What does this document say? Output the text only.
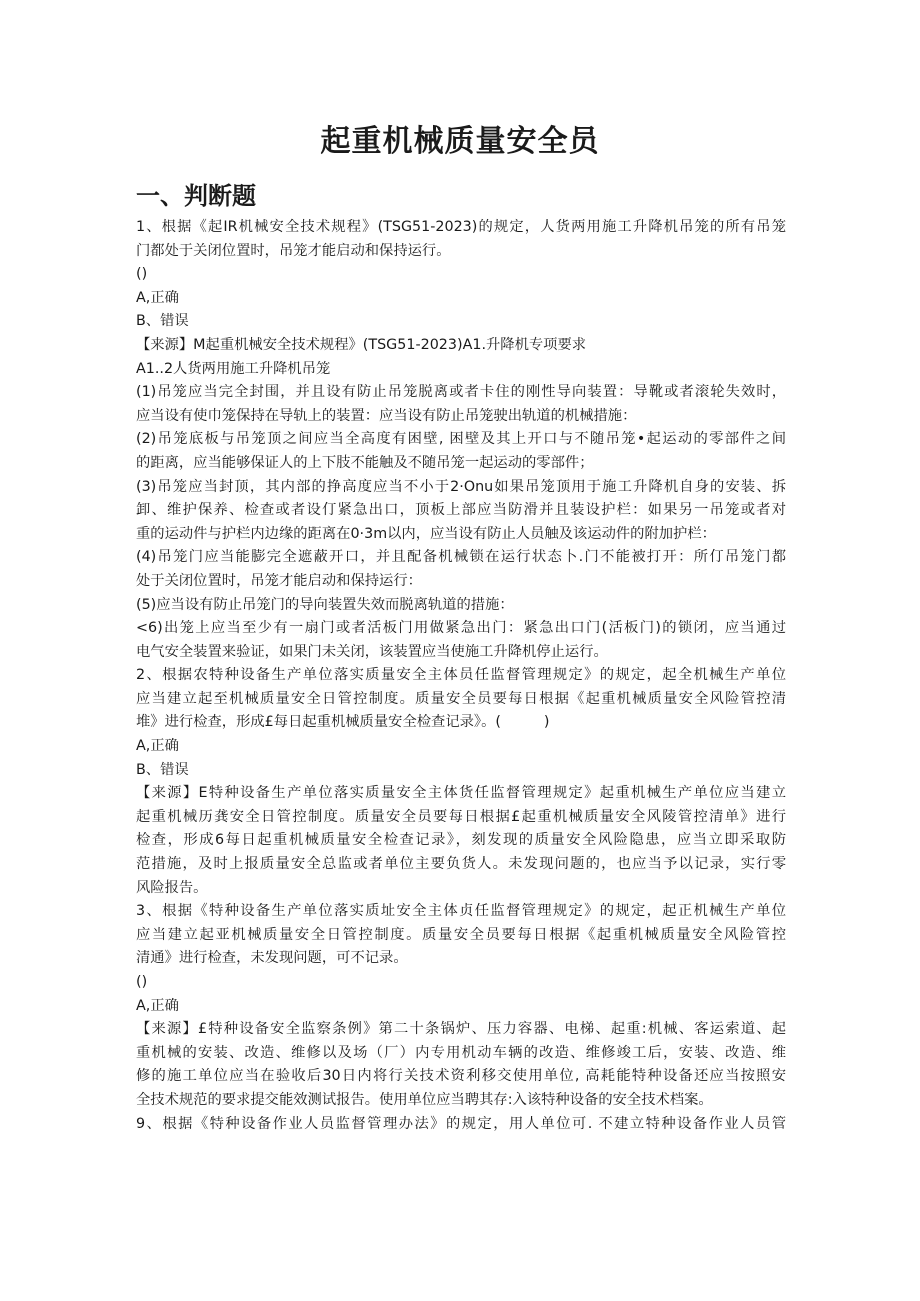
起重机械质量安全员
一、判断题
1、根据《起IR机械安全技术规程》(TSG51-2023)的规定，人货两用施工升降机吊笼的所有吊笼
门都处于关闭位置时，吊笼才能启动和保持运行。
()
A,正确
B、错误
【来源】M起重机械安全技术规程》(TSG51-2023)A1.升降机专项要求
A1..2人货两用施工升降机吊笼
(1)吊笼应当完全封围，并且设有防止吊笼脱离或者卡住的刚性导向装置：导靴或者滚轮失效时，
应当设有使巾笼保持在导轨上的装置：应当设有防止吊笼驶出轨道的机械措施：
(2)吊笼底板与吊笼顶之间应当全高度有困壁, 困壁及其上开口与不随吊笼•起运动的零部件之间
的距离，应当能够保证人的上下肢不能触及不随吊笼一起运动的零部件；
(3)吊笼应当封顶，其内部的挣高度应当不小于2·Onu如果吊笼顶用于施工升降机自身的安装、拆
卸、维护保养、检查或者设仃紧急出口，顶板上部应当防滑并且装设护栏：如果另一吊笼或者对
重的运动件与护栏内边缘的距离在0·3m以内，应当设有防止人员触及该运动件的附加护栏：
(4)吊笼门应当能膨完全遮蔽开口，并且配备机械锁在运行状态卜.门不能被打开：所仃吊笼门都
处于关闭位置时，吊笼才能启动和保持运行：
(5)应当设有防止吊笼门的导向装置失效而脱离轨道的措施：
<6)出笼上应当至少有一扇门或者活板门用做紧急出门：紧急出口门(活板门)的锁闭，应当通过
电气安全装置来验证，如果门未关闭，该装置应当使施工升降机停止运行。
2、根据农特种设备生产单位落实质量安全主体员任监督管理规定》的规定，起全机械生产单位
应当建立起至机械质量安全日管控制度。质量安全员要每日根据《起重机械质量安全风险管控清
堆》进行检查，形成£每日起重机械质量安全检查记录》。(　　　)
A,正确
B、错误
【来源】E特种设备生产单位落实质量安全主体货任监督管理规定》起重机械生产单位应当建立
起重机械历龚安全日管控制度。质量安全员要每日根据£起重机械质量安全风陵管控清单》进行
检查，形成6每日起重机械质量安全检查记录》，刻发现的质量安全风险隐患，应当立即采取防
范措施，及时上报质量安全总监或者单位主要负货人。未发现问题的，也应当予以记录，实行零
风险报告。
3、根据《特种设备生产单位落实质址安全主体贞任监督管理规定》的规定，起正机械生产单位
应当建立起亚机械质量安全日管控制度。质量安全员要每日根据《起重机械质量安全风险管控
清通》进行检查，未发现问题，可不记录。
()
A,正确
【来源】£特种设备安全监察条例》第二十条锅炉、压力容器、电梯、起重:机械、客运索道、起
重机械的安装、改造、维修以及场（厂）内专用机动车辆的改造、维修竣工后，安装、改造、维
修的施工单位应当在验收后30日内将行关技术资利移交使用单位, 高耗能特种设备还应当按照安
全技术规范的要求提交能效测试报告。使用单位应当聘其存:入该特种设备的安全技术档案。
9、根据《特种设备作业人员监督管理办法》的规定，用人单位可. 不建立特种设备作业人员管
